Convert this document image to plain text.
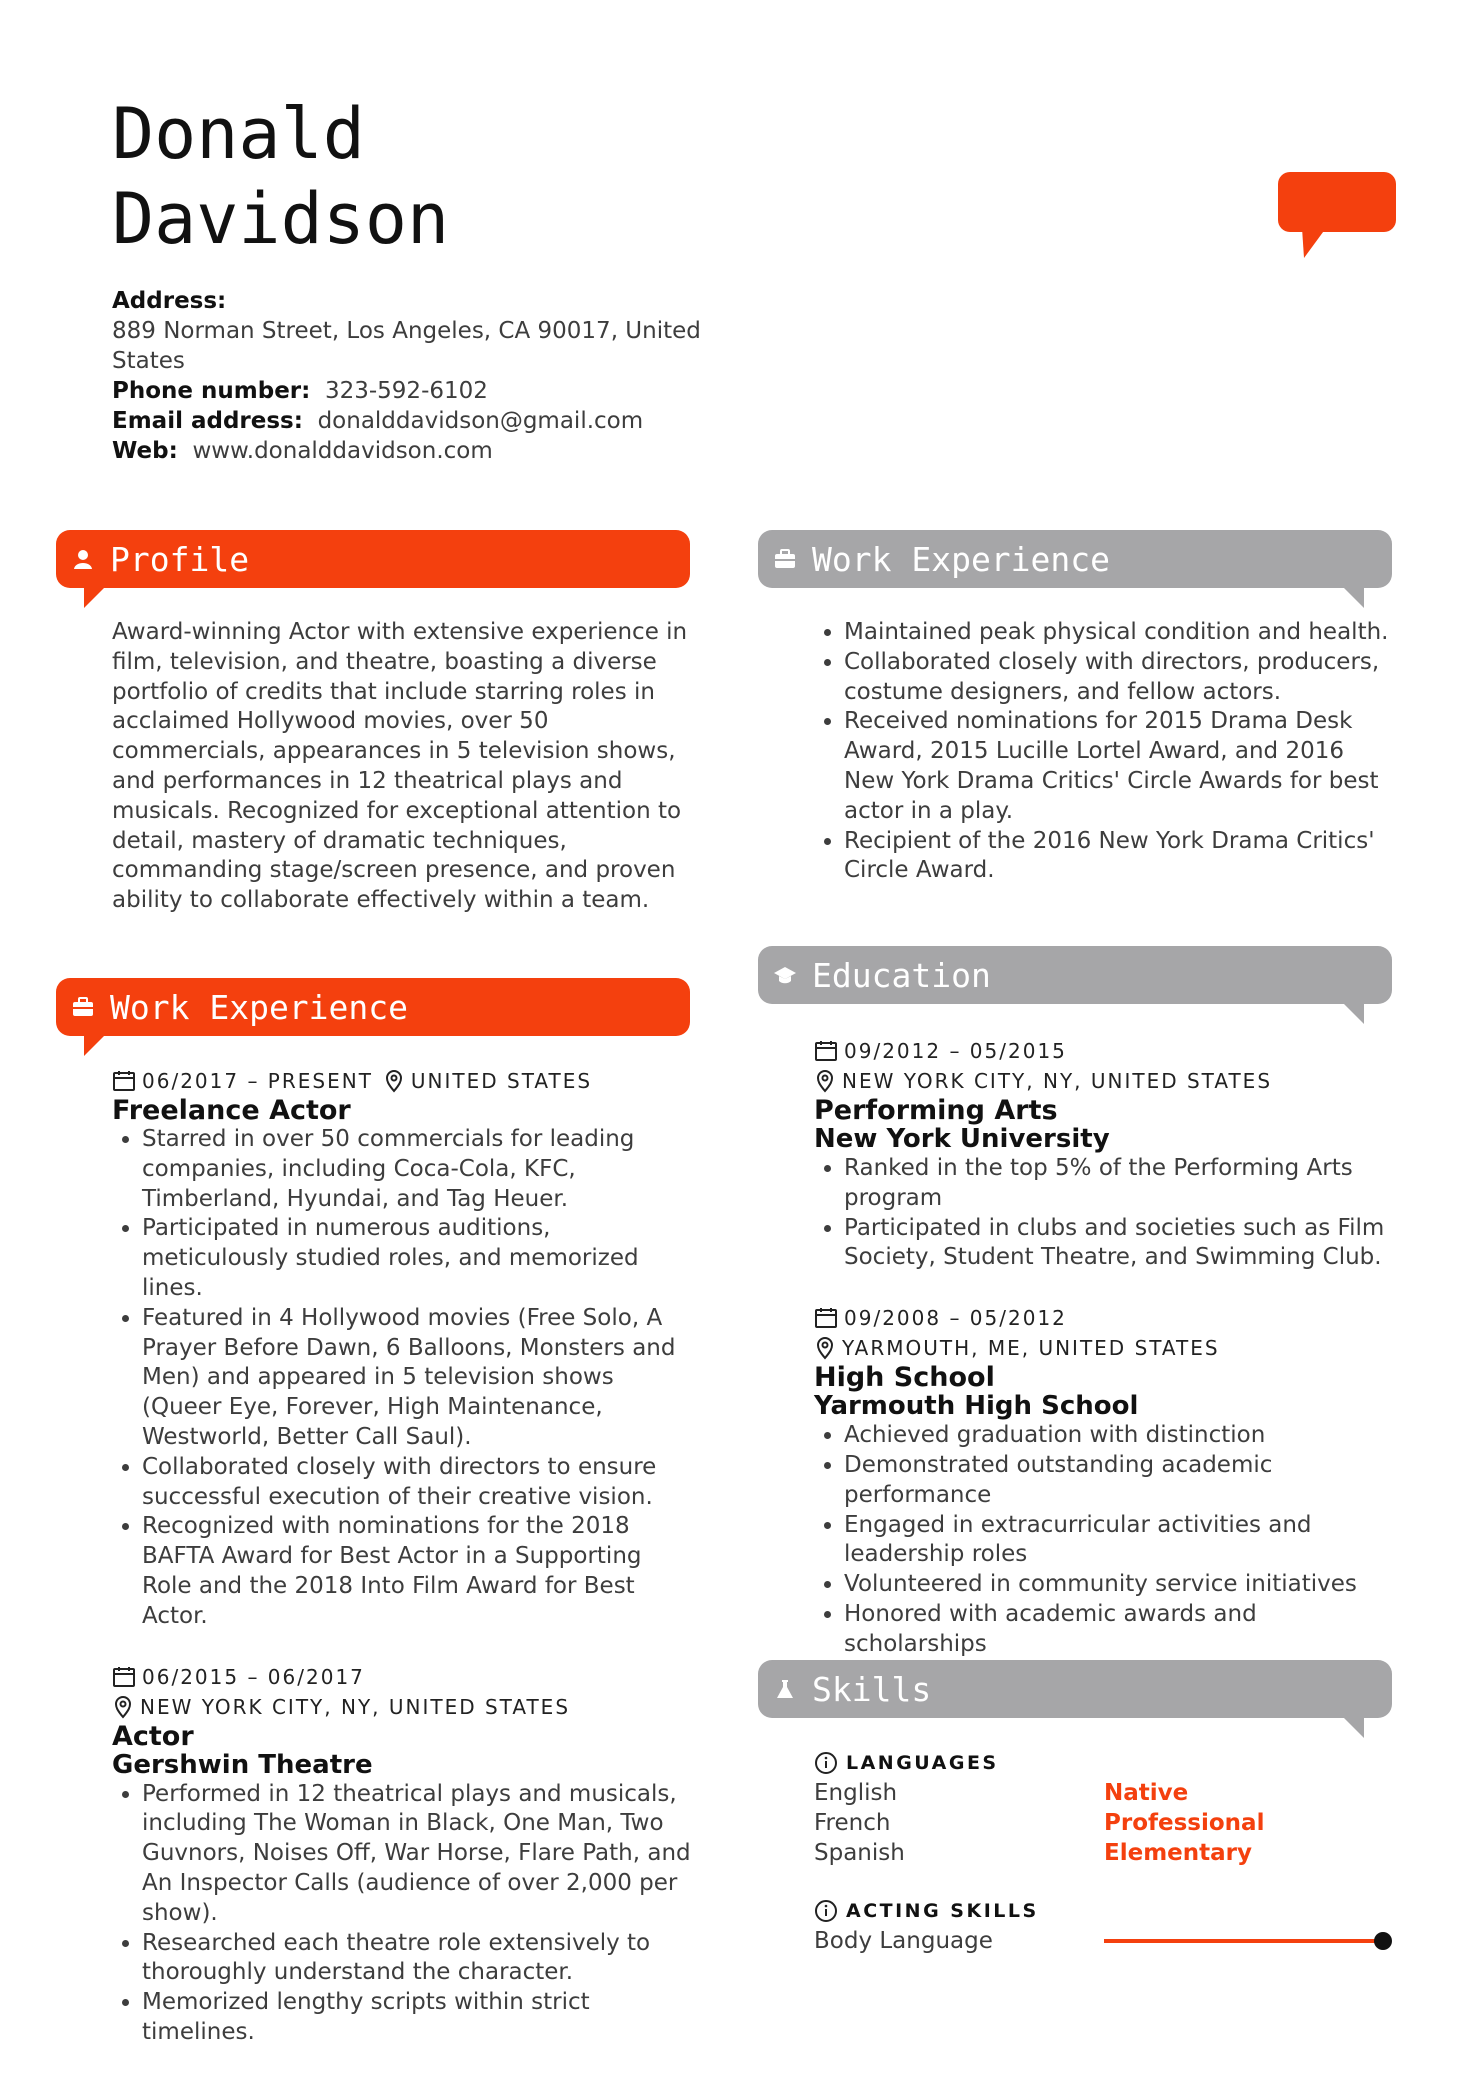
Donald
Davidson
Address:
889 Norman Street, Los Angeles, CA 90017, United States
Phone number: 323-592-6102
Email address: donalddavidson@gmail.com
Web: www.donalddavidson.com
Profile

Award-winning Actor with extensive experience in film, television, and theatre, boasting a diverse portfolio of credits that include starring roles in acclaimed Hollywood movies, over 50 commercials, appearances in 5 television shows, and performances in 12 theatrical plays and musicals. Recognized for exceptional attention to detail, mastery of dramatic techniques, commanding stage/screen presence, and proven ability to collaborate effectively within a team.

Work Experience
06/2017 – PRESENT UNITED STATES
Freelance Actor
• Starred in over 50 commercials for leading companies, including Coca-Cola, KFC, Timberland, Hyundai, and Tag Heuer.
• Participated in numerous auditions, meticulously studied roles, and memorized lines.
• Featured in 4 Hollywood movies (Free Solo, A Prayer Before Dawn, 6 Balloons, Monsters and Men) and appeared in 5 television shows (Queer Eye, Forever, High Maintenance, Westworld, Better Call Saul).
• Collaborated closely with directors to ensure successful execution of their creative vision.
• Recognized with nominations for the 2018 BAFTA Award for Best Actor in a Supporting Role and the 2018 Into Film Award for Best Actor.
06/2015 – 06/2017
NEW YORK CITY, NY, UNITED STATES
Actor
Gershwin Theatre
• Performed in 12 theatrical plays and musicals, including The Woman in Black, One Man, Two Guvnors, Noises Off, War Horse, Flare Path, and An Inspector Calls (audience of over 2,000 per show).
• Researched each theatre role extensively to thoroughly understand the character.
• Memorized lengthy scripts within strict timelines.
Work Experience
• Maintained peak physical condition and health.
• Collaborated closely with directors, producers, costume designers, and fellow actors.
• Received nominations for 2015 Drama Desk Award, 2015 Lucille Lortel Award, and 2016 New York Drama Critics' Circle Awards for best actor in a play.
• Recipient of the 2016 New York Drama Critics' Circle Award.
Education
09/2012 – 05/2015
NEW YORK CITY, NY, UNITED STATES
Performing Arts
New York University
• Ranked in the top 5% of the Performing Arts program
• Participated in clubs and societies such as Film Society, Student Theatre, and Swimming Club.
09/2008 – 05/2012
YARMOUTH, ME, UNITED STATES
High School
Yarmouth High School
• Achieved graduation with distinction
• Demonstrated outstanding academic performance
• Engaged in extracurricular activities and leadership roles
• Volunteered in community service initiatives
• Honored with academic awards and scholarships
Skills
LANGUAGES
English	Native
French	Professional
Spanish	Elementary
ACTING SKILLS
Body Language
